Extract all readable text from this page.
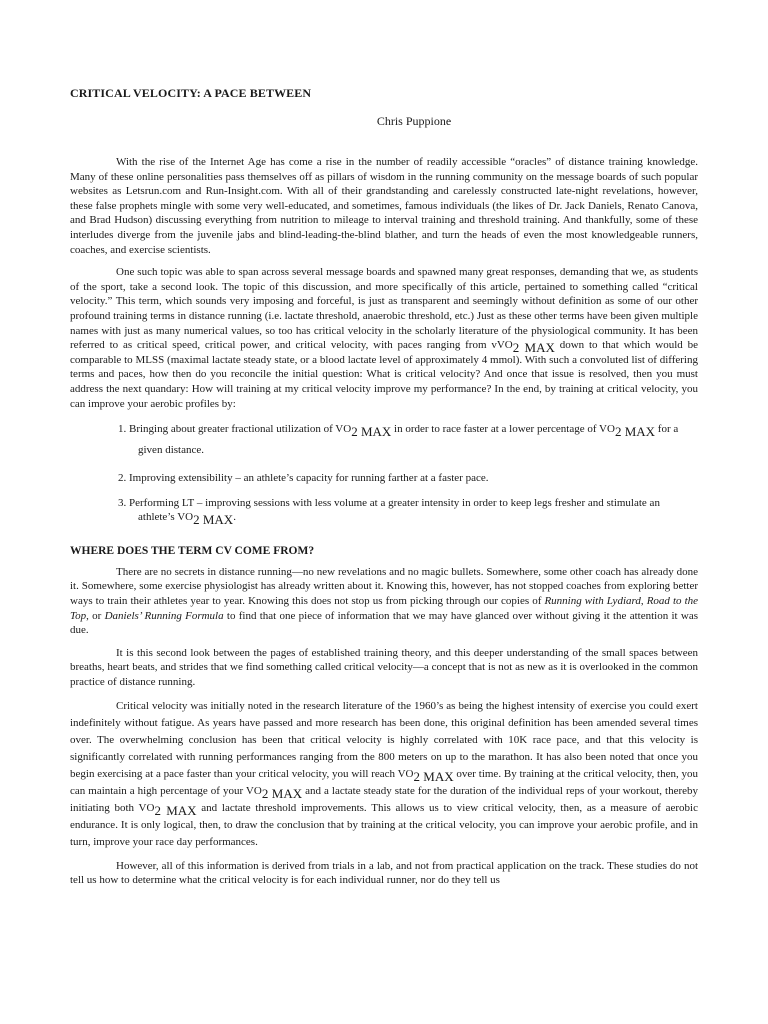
CRITICAL VELOCITY: A PACE BETWEEN
Chris Puppione

With the rise of the Internet Age has come a rise in the number of readily accessible “oracles” of distance training knowledge. Many of these online personalities pass themselves off as pillars of wisdom in the running community on the message boards of such popular websites as Letsrun.com and Run-Insight.com. With all of their grandstanding and carelessly constructed late-night revelations, however, these false prophets mingle with some very well-educated, and sometimes, famous individuals (the likes of Dr. Jack Daniels, Renato Canova, and Brad Hudson) discussing everything from nutrition to mileage to interval training and threshold training. And thankfully, some of these interludes diverge from the juvenile jabs and blind-leading-the-blind blather, and turn the heads of even the most knowledgeable runners, coaches, and exercise scientists.

One such topic was able to span across several message boards and spawned many great responses, demanding that we, as students of the sport, take a second look. The topic of this discussion, and more specifically of this article, pertained to something called “critical velocity.” This term, which sounds very imposing and forceful, is just as transparent and seemingly without definition as some of our other profound training terms in distance running (i.e. lactate threshold, anaerobic threshold, etc.) Just as these other terms have been given multiple names with just as many numerical values, so too has critical velocity in the scholarly literature of the physiological community. It has been referred to as critical speed, critical power, and critical velocity, with paces ranging from vVO2 MAX down to that which would be comparable to MLSS (maximal lactate steady state, or a blood lactate level of approximately 4 mmol). With such a convoluted list of differing terms and paces, how then do you reconcile the initial question: What is critical velocity? And once that issue is resolved, then you must address the next quandary: How will training at my critical velocity improve my performance? In the end, by training at critical velocity, you can improve your aerobic profiles by:

1. Bringing about greater fractional utilization of VO2 MAX in order to race faster at a lower percentage of VO2 MAX for a given distance.
2. Improving extensibility – an athlete’s capacity for running farther at a faster pace.
3. Performing LT – improving sessions with less volume at a greater intensity in order to keep legs fresher and stimulate an athlete’s VO2 MAX.
WHERE DOES THE TERM CV COME FROM?

There are no secrets in distance running—no new revelations and no magic bullets. Somewhere, some other coach has already done it. Somewhere, some exercise physiologist has already written about it. Knowing this, however, has not stopped coaches from exploring better ways to train their athletes year to year. Knowing this does not stop us from picking through our copies of Running with Lydiard, Road to the Top, or Daniels’ Running Formula to find that one piece of information that we may have glanced over without giving it the attention it was due.

It is this second look between the pages of established training theory, and this deeper understanding of the small spaces between breaths, heart beats, and strides that we find something called critical velocity—a concept that is not as new as it is overlooked in the common practice of distance running.

Critical velocity was initially noted in the research literature of the 1960’s as being the highest intensity of exercise you could exert indefinitely without fatigue. As years have passed and more research has been done, this original definition has been amended several times over. The overwhelming conclusion has been that critical velocity is highly correlated with 10K race pace, and that this velocity is significantly correlated with running performances ranging from the 800 meters on up to the marathon. It has also been noted that once you begin exercising at a pace faster than your critical velocity, you will reach VO2 MAX over time. By training at the critical velocity, then, you can maintain a high percentage of your VO2 MAX and a lactate steady state for the duration of the individual reps of your workout, thereby initiating both VO2 MAX and lactate threshold improvements. This allows us to view critical velocity, then, as a measure of aerobic endurance. It is only logical, then, to draw the conclusion that by training at the critical velocity, you can improve your aerobic profile, and in turn, improve your race day performances.

However, all of this information is derived from trials in a lab, and not from practical application on the track. These studies do not tell us how to determine what the critical velocity is for each individual runner, nor do they tell us
